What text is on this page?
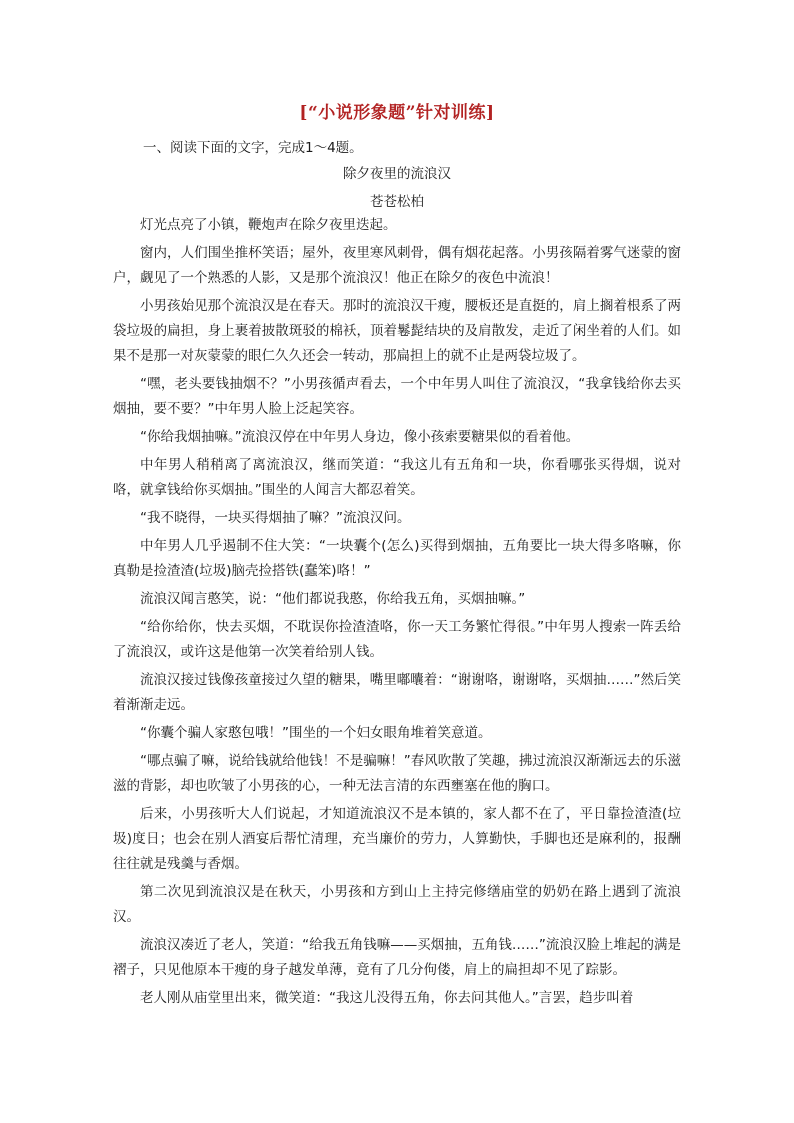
[“小说形象题”针对训练]
一、阅读下面的文字，完成1～4题。
除夕夜里的流浪汉
苍苍松柏

灯光点亮了小镇，鞭炮声在除夕夜里迭起。

窗内，人们围坐推杯笑语；屋外，夜里寒风刺骨，偶有烟花起落。小男孩隔着雾气迷蒙的窗户，觑见了一个熟悉的人影，又是那个流浪汉！他正在除夕的夜色中流浪！

小男孩始见那个流浪汉是在春天。那时的流浪汉干瘦，腰板还是直挺的，肩上搁着根系了两袋垃圾的扁担，身上裹着披散斑驳的棉袄，顶着鬈髭结块的及肩散发，走近了闲坐着的人们。如果不是那一对灰蒙蒙的眼仁久久还会一转动，那扁担上的就不止是两袋垃圾了。

“嘿，老头要钱抽烟不？”小男孩循声看去，一个中年男人叫住了流浪汉，“我拿钱给你去买烟抽，要不要？”中年男人脸上泛起笑容。

“你给我烟抽嘛。”流浪汉停在中年男人身边，像小孩索要糖果似的看着他。

中年男人稍稍离了离流浪汉，继而笑道：“我这儿有五角和一块，你看哪张买得烟，说对咯，就拿钱给你买烟抽。”围坐的人闻言大都忍着笑。

“我不晓得，一块买得烟抽了嘛？”流浪汉问。

中年男人几乎遏制不住大笑：“一块囊个(怎么)买得到烟抽，五角要比一块大得多咯嘛，你真勒是捡渣渣(垃圾)脑壳捡搭铁(蠢笨)咯！”

流浪汉闻言憨笑，说：“他们都说我憨，你给我五角，买烟抽嘛。”

“给你给你，快去买烟，不耽误你捡渣渣咯，你一天工务繁忙得很。”中年男人搜索一阵丢给了流浪汉，或许这是他第一次笑着给别人钱。

流浪汉接过钱像孩童接过久望的糖果，嘴里嘟囔着：“谢谢咯，谢谢咯，买烟抽……”然后笑着渐渐走远。

“你囊个骗人家憨包哦！”围坐的一个妇女眼角堆着笑意道。

“哪点骗了嘛，说给钱就给他钱！不是骗嘛！”春风吹散了笑趣，拂过流浪汉渐渐远去的乐滋滋的背影，却也吹皱了小男孩的心，一种无法言清的东西壅塞在他的胸口。

后来，小男孩听大人们说起，才知道流浪汉不是本镇的，家人都不在了，平日靠捡渣渣(垃圾)度日；也会在别人酒宴后帮忙清理，充当廉价的劳力，人算勤快，手脚也还是麻利的，报酬往往就是残羹与香烟。

第二次见到流浪汉是在秋天，小男孩和方到山上主持完修缮庙堂的奶奶在路上遇到了流浪汉。

流浪汉凑近了老人，笑道：“给我五角钱嘛——买烟抽，五角钱……”流浪汉脸上堆起的满是褶子，只见他原本干瘦的身子越发单薄，竟有了几分佝偻，肩上的扁担却不见了踪影。

老人刚从庙堂里出来，微笑道：“我这儿没得五角，你去问其他人。”言罢，趋步叫着
